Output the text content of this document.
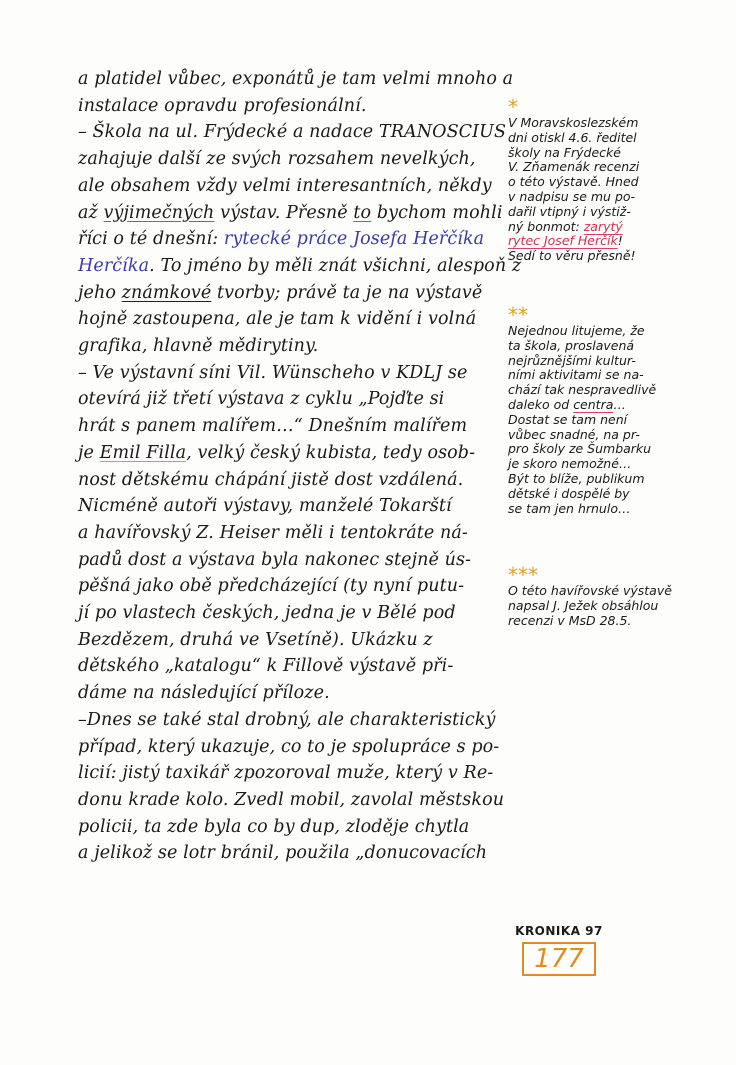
a platidel vůbec, exponátů je tam velmi mnoho a
instalace opravdu profesionální.
– Škola na ul. Frýdecké a nadace TRANOSCIUS
zahajuje další ze svých rozsahem nevelkých,
ale obsahem vždy velmi interesantních, někdy
až výjimečných výstav. Přesně to bychom mohli
říci o té dnešní: rytecké práce Josefa Heřčíka
Herčíka. To jméno by měli znát všichni, alespoň z
jeho známkové tvorby; právě ta je na výstavě
hojně zastoupena, ale je tam k vidění i volná
grafika, hlavně mědirytiny.
– Ve výstavní síni Vil. Wünscheho v KDLJ se
otevírá již třetí výstava z cyklu „Pojďte si
hrát s panem malířem…“ Dnešním malířem
je Emil Filla, velký český kubista, tedy osob-
nost dětskému chápání jistě dost vzdálená.
Nicméně autoři výstavy, manželé Tokarští
a havířovský Z. Heiser měli i tentokráte ná-
padů dost a výstava byla nakonec stejně ús-
pěšná jako obě předcházející (ty nyní putu-
jí po vlastech českých, jedna je v Bělé pod
Bezdězem, druhá ve Vsetíně). Ukázku z
dětského „katalogu“ k Fillově výstavě při-
dáme na následující příloze.
–Dnes se také stal drobný, ale charakteristický
případ, který ukazuje, co to je spolupráce s po-
licií: jistý taxikář zpozoroval muže, který v Re-
donu krade kolo. Zvedl mobil, zavolal městskou
policii, ta zde byla co by dup, zloděje chytla
a jelikož se lotr bránil, použila „donucovacích
*
V Moravskoslezském
dni otiskl 4.6. ředitel
školy na Frýdecké
V. Zňamenák recenzi
o této výstavě. Hned
v nadpisu se mu po-
dařil vtipný i výstiž-
ný bonmot: zarytý
rytec Josef Herčík!
Sedí to věru přesně!
**
Nejednou litujeme, že
ta škola, proslavená
nejrůznějšími kultur-
ními aktivitami se na-
chází tak nespravedlivě
daleko od centra…
Dostat se tam není
vůbec snadné, na pr-
pro školy ze Šumbarku
je skoro nemožné…
Být to blíže, publikum
dětské i dospělé by
se tam jen hrnulo…
***
O této havířovské výstavě
napsal J. Ježek obsáhlou
recenzi v MsD 28.5.
KRONIKA 97
177
